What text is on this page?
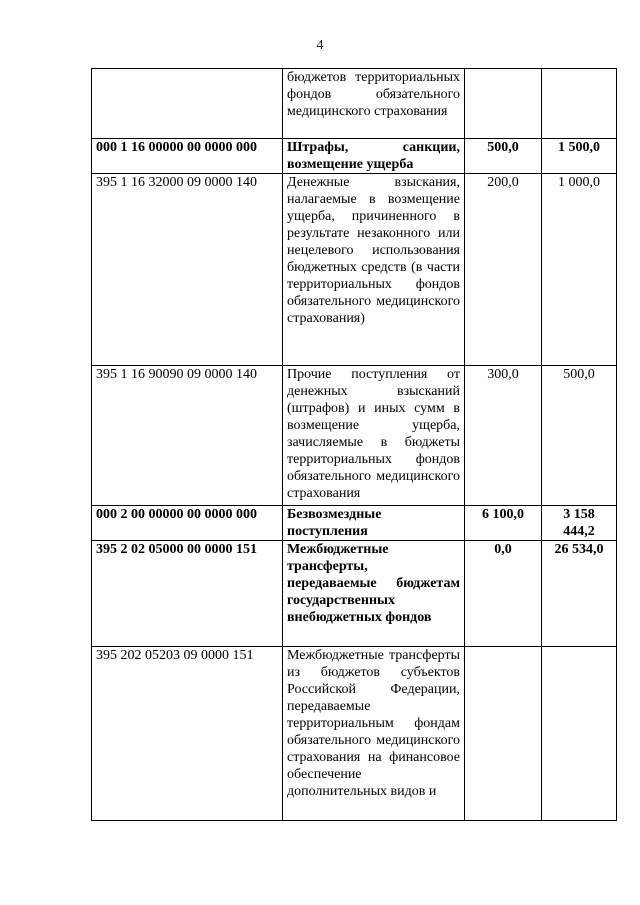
4
	бюджетов территориальных фондов обязательного медицинского страхования		
000 1 16 00000 00 0000 000	Штрафы, санкции, возмещение ущерба	500,0	1 500,0
395 1 16 32000 09 0000 140	Денежные взыскания, налагаемые в возмещение ущерба, причиненного в результате незаконного или нецелевого использования бюджетных средств (в части территориальных фондов обязательного медицинского страхования)	200,0	1 000,0
395 1 16 90090 09 0000 140	Прочие поступления от денежных взысканий (штрафов) и иных сумм в возмещение ущерба, зачисляемые в бюджеты территориальных фондов обязательного медицинского страхования	300,0	500,0
000 2 00 00000 00 0000 000	Безвозмездные поступления	6 100,0	3 158 444,2
395 2 02 05000 00 0000 151	Межбюджетные трансферты, передаваемые бюджетам государственных внебюджетных фондов	0,0	26 534,0
395 202 05203 09 0000 151	Межбюджетные трансферты из бюджетов субъектов Российской Федерации, передаваемые территориальным фондам обязательного медицинского страхования на финансовое обеспечение дополнительных видов и		
